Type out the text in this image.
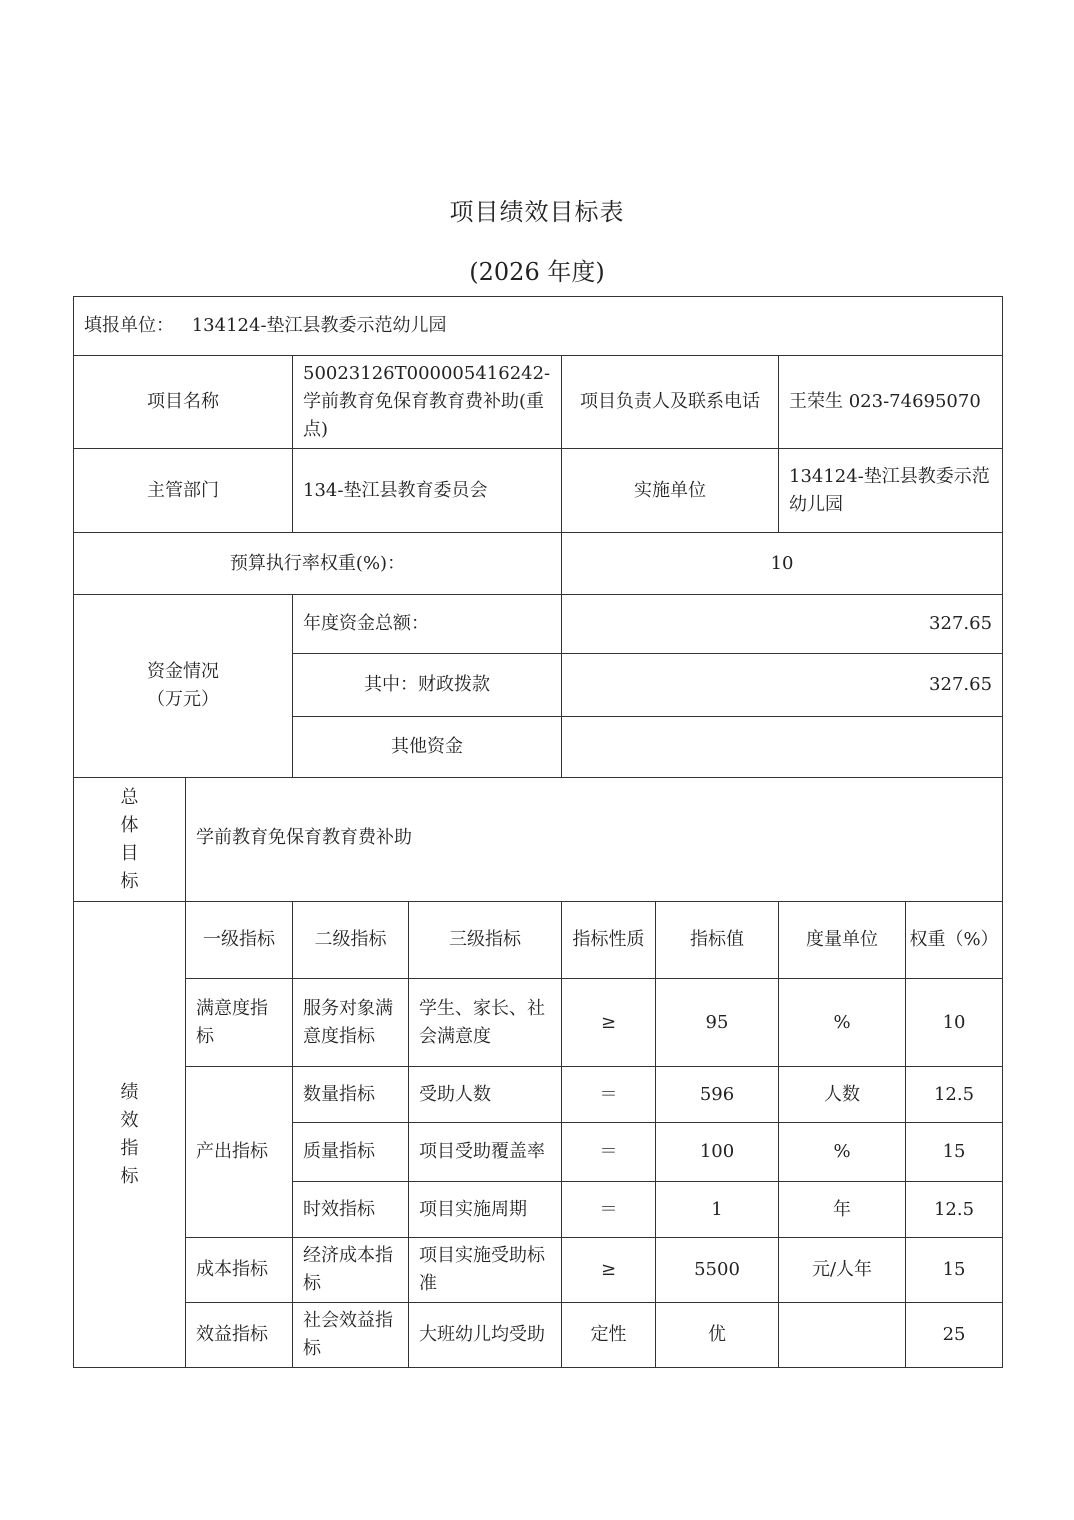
项目绩效目标表
(2026 年度)
填报单位： 134124-垫江县教委示范幼儿园							
项目名称		50023126T000005416242-学前教育免保育教育费补助(重点)		项目负责人及联系电话		王荣生 023-74695070	
主管部门		134-垫江县教育委员会		实施单位		134124-垫江县教委示范幼儿园	
预算执行率权重(%)：				10			

资金情况
（万元）		年度资金总额：		327.65			
		其中：财政拨款		327.65			
		其他资金					

总
体
目
标	学前教育免保育教育费补助						

绩
效
指
标	一级指标	二级指标	三级指标	指标性质	指标值	度量单位	权重（%）
	满意度指标	服务对象满意度指标	学生、家长、社会满意度	≥	95	%	10
	产出指标	数量指标	受助人数	＝	596	人数	12.5
		质量指标	项目受助覆盖率	＝	100	%	15
		时效指标	项目实施周期	＝	1	年	12.5
	成本指标	经济成本指标	项目实施受助标准	≥	5500	元/人年	15
	效益指标	社会效益指标	大班幼儿均受助	定性	优		25
